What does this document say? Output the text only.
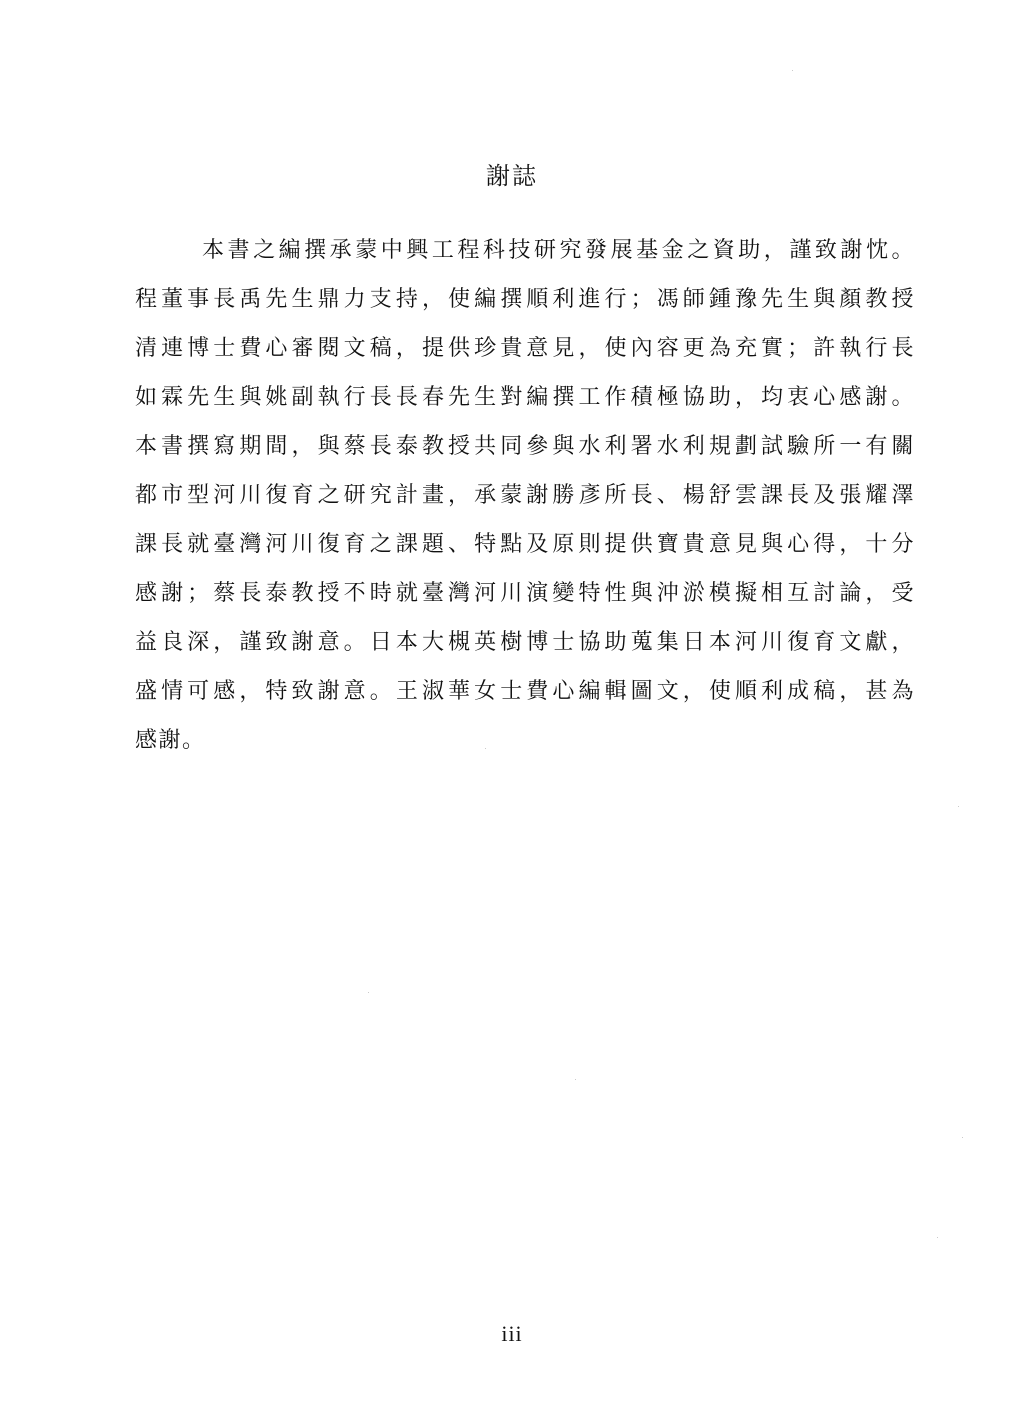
謝誌
本書之編撰承蒙中興工程科技研究發展基金之資助，謹致謝忱。
程董事長禹先生鼎力支持，使編撰順利進行；馮師鍾豫先生與顏教授
清連博士費心審閱文稿，提供珍貴意見，使內容更為充實；許執行長
如霖先生與姚副執行長長春先生對編撰工作積極協助，均衷心感謝。
本書撰寫期間，與蔡長泰教授共同參與水利署水利規劃試驗所一有關
都市型河川復育之研究計畫，承蒙謝勝彥所長、楊舒雲課長及張耀澤
課長就臺灣河川復育之課題、特點及原則提供寶貴意見與心得，十分
感謝；蔡長泰教授不時就臺灣河川演變特性與沖淤模擬相互討論，受
益良深，謹致謝意。日本大槻英樹博士協助蒐集日本河川復育文獻，
盛情可感，特致謝意。王淑華女士費心編輯圖文，使順利成稿，甚為
感謝。
iii
